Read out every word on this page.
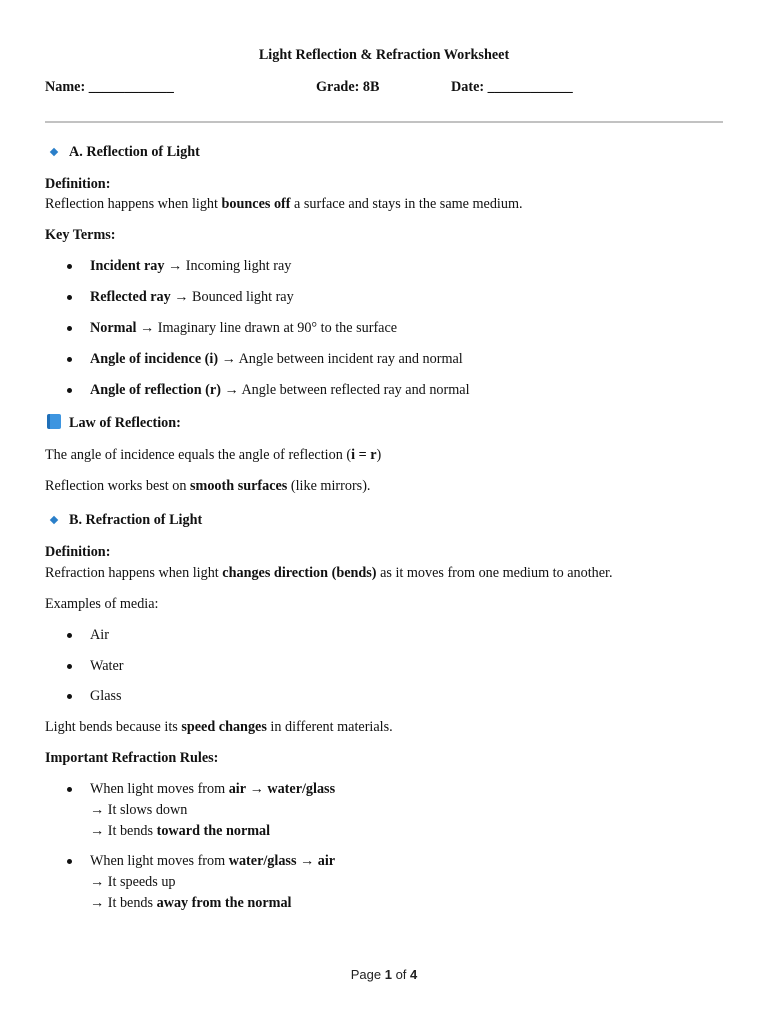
Light Reflection & Refraction Worksheet
Name: ____________	Grade: 8B	Date: ____________
A. Reflection of Light
Definition:
Reflection happens when light bounces off a surface and stays in the same medium.
Key Terms:
Incident ray → Incoming light ray
Reflected ray → Bounced light ray
Normal → Imaginary line drawn at 90° to the surface
Angle of incidence (i) → Angle between incident ray and normal
Angle of reflection (r) → Angle between reflected ray and normal
Law of Reflection:
The angle of incidence equals the angle of reflection (i = r)
Reflection works best on smooth surfaces (like mirrors).
B. Refraction of Light
Definition:
Refraction happens when light changes direction (bends) as it moves from one medium to another.
Examples of media:
Air
Water
Glass
Light bends because its speed changes in different materials.
Important Refraction Rules:
When light moves from air → water/glass
→ It slows down
→ It bends toward the normal
When light moves from water/glass → air
→ It speeds up
→ It bends away from the normal
Page 1 of 4
